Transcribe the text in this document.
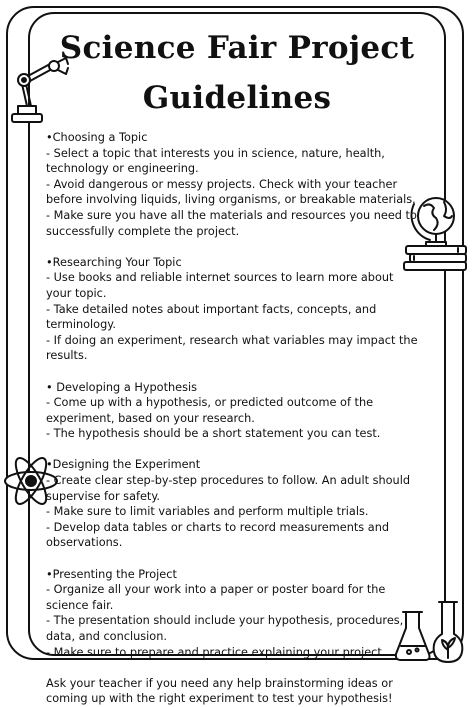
Science Fair Project
Guidelines
•Choosing a Topic
- Select a topic that interests you in science, nature, health, technology or engineering.
- Avoid dangerous or messy projects. Check with your teacher before involving liquids, living organisms, or breakable materials.
- Make sure you have all the materials and resources you need to successfully complete the project.
•Researching Your Topic
- Use books and reliable internet sources to learn more about your topic.
- Take detailed notes about important facts, concepts, and terminology.
- If doing an experiment, research what variables may impact the results.
• Developing a Hypothesis
- Come up with a hypothesis, or predicted outcome of the experiment, based on your research.
- The hypothesis should be a short statement you can test.
•Designing the Experiment
- Create clear step-by-step procedures to follow. An adult should supervise for safety.
- Make sure to limit variables and perform multiple trials.
- Develop data tables or charts to record measurements and observations.
•Presenting the Project
- Organize all your work into a paper or poster board for the science fair.
- The presentation should include your hypothesis, procedures, data, and conclusion.
- Make sure to prepare and practice explaining your project.
Ask your teacher if you need any help brainstorming ideas or coming up with the right experiment to test your hypothesis!
